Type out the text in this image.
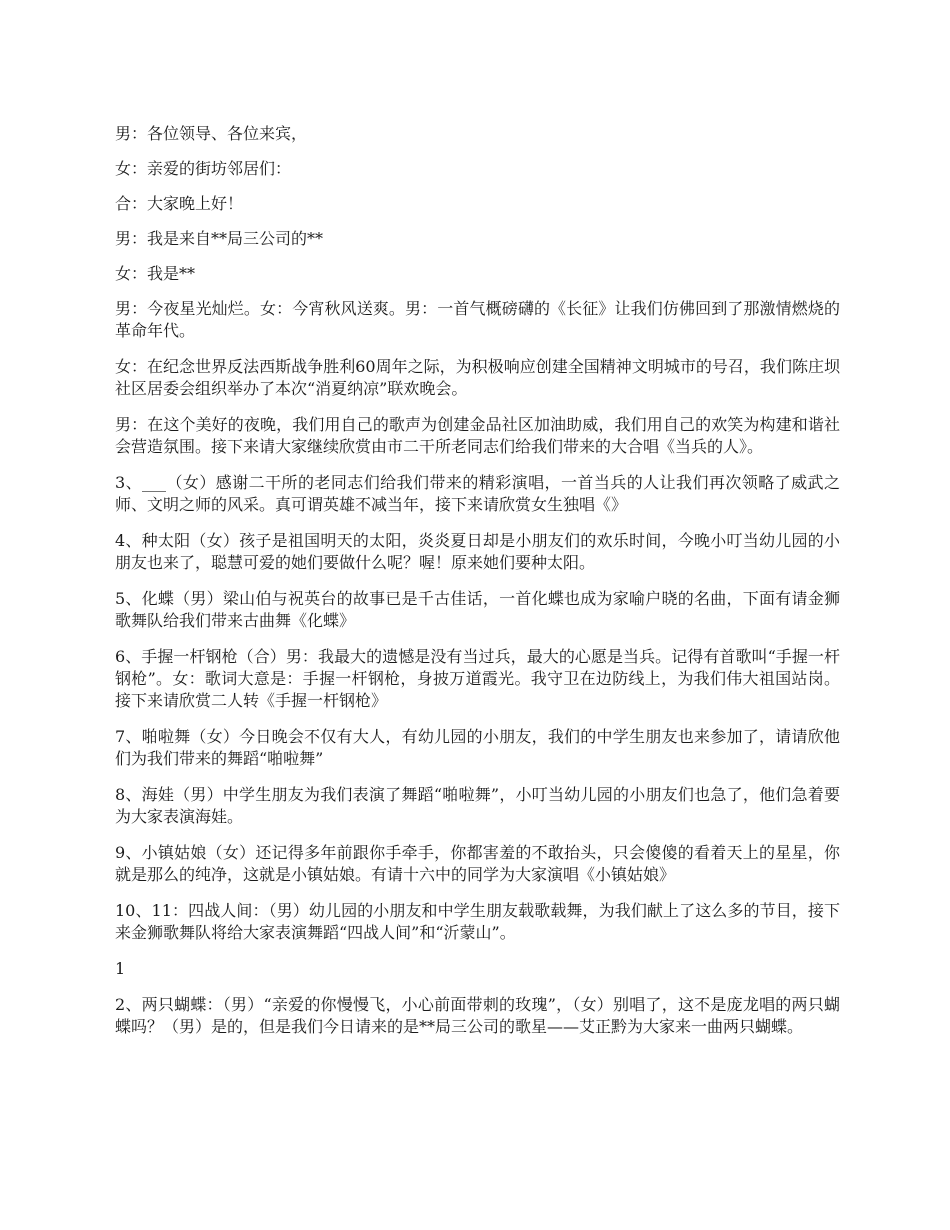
男：各位领导、各位来宾，

女：亲爱的街坊邻居们：

合：大家晚上好！

男：我是来自**局三公司的**

女：我是**

男：今夜星光灿烂。女：今宵秋风送爽。男：一首气概磅礴的《长征》让我们仿佛回到了那激情燃烧的革命年代。

女：在纪念世界反法西斯战争胜利60周年之际，为积极响应创建全国精神文明城市的号召，我们陈庄坝社区居委会组织举办了本次“消夏纳凉”联欢晚会。

男：在这个美好的夜晚，我们用自己的歌声为创建金品社区加油助威，我们用自己的欢笑为构建和谐社会营造氛围。接下来请大家继续欣赏由市二干所老同志们给我们带来的大合唱《当兵的人》。

3、___（女）感谢二干所的老同志们给我们带来的精彩演唱，一首当兵的人让我们再次领略了威武之师、文明之师的风采。真可谓英雄不减当年，接下来请欣赏女生独唱《》

4、种太阳（女）孩子是祖国明天的太阳，炎炎夏日却是小朋友们的欢乐时间，今晚小叮当幼儿园的小朋友也来了，聪慧可爱的她们要做什么呢？喔！原来她们要种太阳。

5、化蝶（男）梁山伯与祝英台的故事已是千古佳话，一首化蝶也成为家喻户晓的名曲，下面有请金狮歌舞队给我们带来古曲舞《化蝶》

6、手握一杆钢枪（合）男：我最大的遗憾是没有当过兵，最大的心愿是当兵。记得有首歌叫“手握一杆钢枪”。女：歌词大意是：手握一杆钢枪，身披万道霞光。我守卫在边防线上，为我们伟大祖国站岗。接下来请欣赏二人转《手握一杆钢枪》

7、啪啦舞（女）今日晚会不仅有大人，有幼儿园的小朋友，我们的中学生朋友也来参加了，请请欣他们为我们带来的舞蹈“啪啦舞”

8、海娃（男）中学生朋友为我们表演了舞蹈“啪啦舞”，小叮当幼儿园的小朋友们也急了，他们急着要为大家表演海娃。

9、小镇姑娘（女）还记得多年前跟你手牵手，你都害羞的不敢抬头，只会傻傻的看着天上的星星，你就是那么的纯净，这就是小镇姑娘。有请十六中的同学为大家演唱《小镇姑娘》

10、11：四战人间：（男）幼儿园的小朋友和中学生朋友载歌载舞，为我们献上了这么多的节目，接下来金狮歌舞队将给大家表演舞蹈“四战人间”和“沂蒙山”。

1

2、两只蝴蝶：（男）“亲爱的你慢慢飞，小心前面带刺的玫瑰”，（女）别唱了，这不是庞龙唱的两只蝴蝶吗？（男）是的，但是我们今日请来的是**局三公司的歌星——艾正黔为大家来一曲两只蝴蝶。
